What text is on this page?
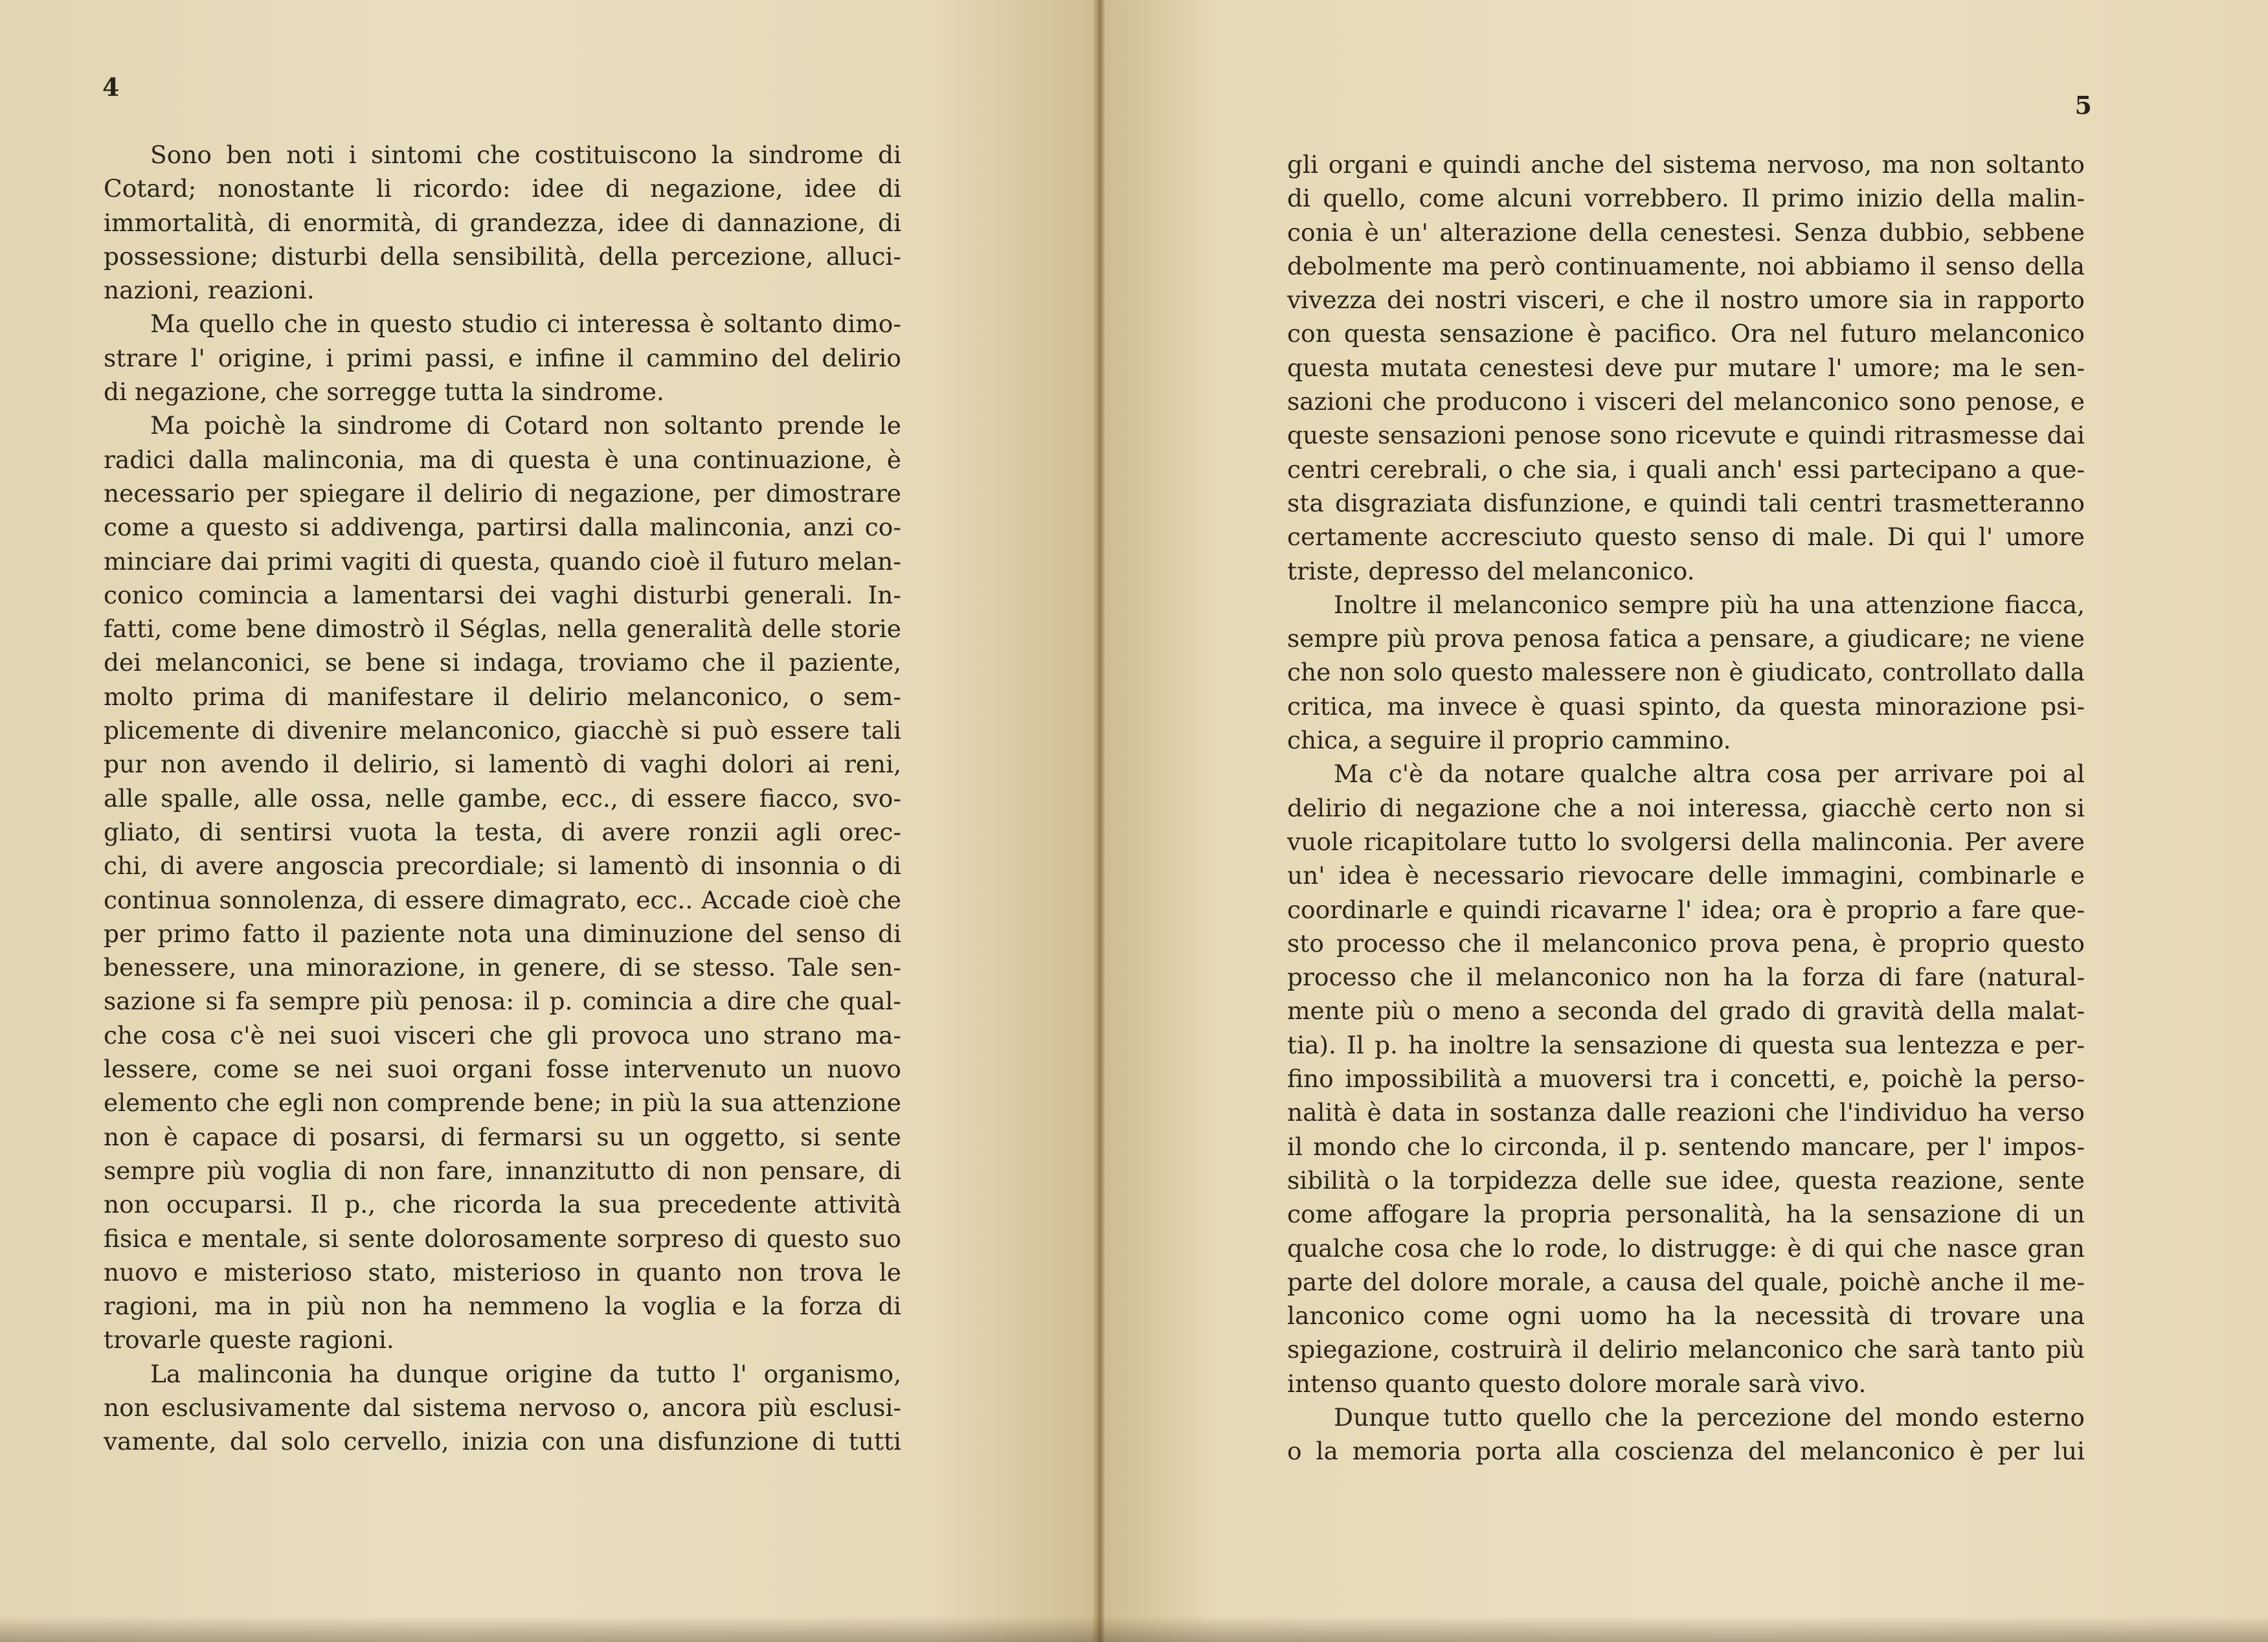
4
Sono ben noti i sintomi che costituiscono la sindrome di
Cotard; nonostante li ricordo: idee di negazione, idee di
immortalità, di enormità, di grandezza, idee di dannazione, di
possessione; disturbi della sensibilità, della percezione, alluci-
nazioni, reazioni.
Ma quello che in questo studio ci interessa è soltanto dimo-
strare l' origine, i primi passi, e infine il cammino del delirio
di negazione, che sorregge tutta la sindrome.
Ma poichè la sindrome di Cotard non soltanto prende le
radici dalla malinconia, ma di questa è una continuazione, è
necessario per spiegare il delirio di negazione, per dimostrare
come a questo si addivenga, partirsi dalla malinconia, anzi co-
minciare dai primi vagiti di questa, quando cioè il futuro melan-
conico comincia a lamentarsi dei vaghi disturbi generali. In-
fatti, come bene dimostrò il Séglas, nella generalità delle storie
dei melanconici, se bene si indaga, troviamo che il paziente,
molto prima di manifestare il delirio melanconico, o sem-
plicemente di divenire melanconico, giacchè si può essere tali
pur non avendo il delirio, si lamentò di vaghi dolori ai reni,
alle spalle, alle ossa, nelle gambe, ecc., di essere fiacco, svo-
gliato, di sentirsi vuota la testa, di avere ronzii agli orec-
chi, di avere angoscia precordiale; si lamentò di insonnia o di
continua sonnolenza, di essere dimagrato, ecc.. Accade cioè che
per primo fatto il paziente nota una diminuzione del senso di
benessere, una minorazione, in genere, di se stesso. Tale sen-
sazione si fa sempre più penosa: il p. comincia a dire che qual-
che cosa c'è nei suoi visceri che gli provoca uno strano ma-
lessere, come se nei suoi organi fosse intervenuto un nuovo
elemento che egli non comprende bene; in più la sua attenzione
non è capace di posarsi, di fermarsi su un oggetto, si sente
sempre più voglia di non fare, innanzitutto di non pensare, di
non occuparsi. Il p., che ricorda la sua precedente attività
fisica e mentale, si sente dolorosamente sorpreso di questo suo
nuovo e misterioso stato, misterioso in quanto non trova le
ragioni, ma in più non ha nemmeno la voglia e la forza di
trovarle queste ragioni.
La malinconia ha dunque origine da tutto l' organismo,
non esclusivamente dal sistema nervoso o, ancora più esclusi-
vamente, dal solo cervello, inizia con una disfunzione di tutti
5
gli organi e quindi anche del sistema nervoso, ma non soltanto
di quello, come alcuni vorrebbero. Il primo inizio della malin-
conia è un' alterazione della cenestesi. Senza dubbio, sebbene
debolmente ma però continuamente, noi abbiamo il senso della
vivezza dei nostri visceri, e che il nostro umore sia in rapporto
con questa sensazione è pacifico. Ora nel futuro melanconico
questa mutata cenestesi deve pur mutare l' umore; ma le sen-
sazioni che producono i visceri del melanconico sono penose, e
queste sensazioni penose sono ricevute e quindi ritrasmesse dai
centri cerebrali, o che sia, i quali anch' essi partecipano a que-
sta disgraziata disfunzione, e quindi tali centri trasmetteranno
certamente accresciuto questo senso di male. Di qui l' umore
triste, depresso del melanconico.
Inoltre il melanconico sempre più ha una attenzione fiacca,
sempre più prova penosa fatica a pensare, a giudicare; ne viene
che non solo questo malessere non è giudicato, controllato dalla
critica, ma invece è quasi spinto, da questa minorazione psi-
chica, a seguire il proprio cammino.
Ma c'è da notare qualche altra cosa per arrivare poi al
delirio di negazione che a noi interessa, giacchè certo non si
vuole ricapitolare tutto lo svolgersi della malinconia. Per avere
un' idea è necessario rievocare delle immagini, combinarle e
coordinarle e quindi ricavarne l' idea; ora è proprio a fare que-
sto processo che il melanconico prova pena, è proprio questo
processo che il melanconico non ha la forza di fare (natural-
mente più o meno a seconda del grado di gravità della malat-
tia). Il p. ha inoltre la sensazione di questa sua lentezza e per-
fino impossibilità a muoversi tra i concetti, e, poichè la perso-
nalità è data in sostanza dalle reazioni che l'individuo ha verso
il mondo che lo circonda, il p. sentendo mancare, per l' impos-
sibilità o la torpidezza delle sue idee, questa reazione, sente
come affogare la propria personalità, ha la sensazione di un
qualche cosa che lo rode, lo distrugge: è di qui che nasce gran
parte del dolore morale, a causa del quale, poichè anche il me-
lanconico come ogni uomo ha la necessità di trovare una
spiegazione, costruirà il delirio melanconico che sarà tanto più
intenso quanto questo dolore morale sarà vivo.
Dunque tutto quello che la percezione del mondo esterno
o la memoria porta alla coscienza del melanconico è per lui
